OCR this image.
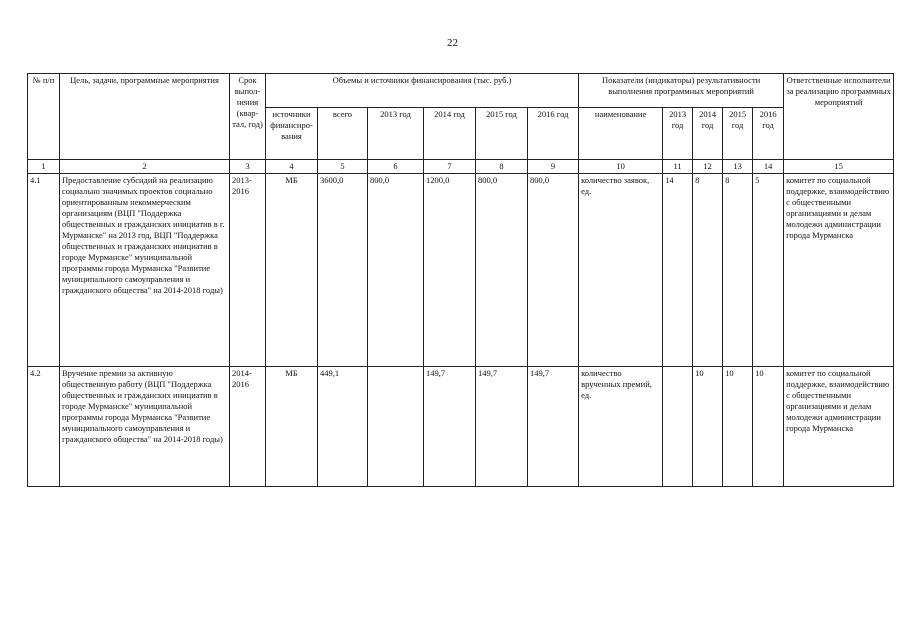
22
№ п/п	Цель, задачи, программные мероприятия	Срок выпол-нения (квар-тал, год)	Объемы и источники финансирования (тыс. руб.)						Показатели (индикаторы) результативности выполнения программных мероприятий					Ответственные исполнители за реализацию программных мероприятий
			источники финансиро-вания	всего	2013 год	2014 год	2015 год	2016 год	наименование	2013 год	2014 год	2015 год	2016 год	
1	2	3	4	5	6	7	8	9	10	11	12	13	14	15
4.1	Предоставление субсидий на реализацию социально значимых проектов социально ориентированным некоммерческим организациям (ВЦП "Поддержка общественных и гражданских инициатив в г. Мурманске" на 2013 год, ВЦП "Поддержка общественных и гражданских инициатив в городе Мурманске" муниципальной программы города Мурманска "Развитие муниципального самоуправления и гражданского общества" на 2014-2018 годы)	2013-2016	МБ	3600,0	800,0	1200,0	800,0	800,0	количество заявок, ед.	14	8	8	5	комитет по социальной поддержке, взаимодействию с общественными организациями и делам молодежи администрации города Мурманска
4.2	Вручение премии за активную общественную работу (ВЦП "Поддержка общественных и гражданских инициатив в городе Мурманске" муниципальной программы города Мурманска "Развитие муниципального самоуправления и гражданского общества" на 2014-2018 годы)	2014-2016	МБ	449,1		149,7	149,7	149,7	количество врученных премий, ед.		10	10	10	комитет по социальной поддержке, взаимодействию с общественными организациями и делам молодежи администрации города Мурманска
